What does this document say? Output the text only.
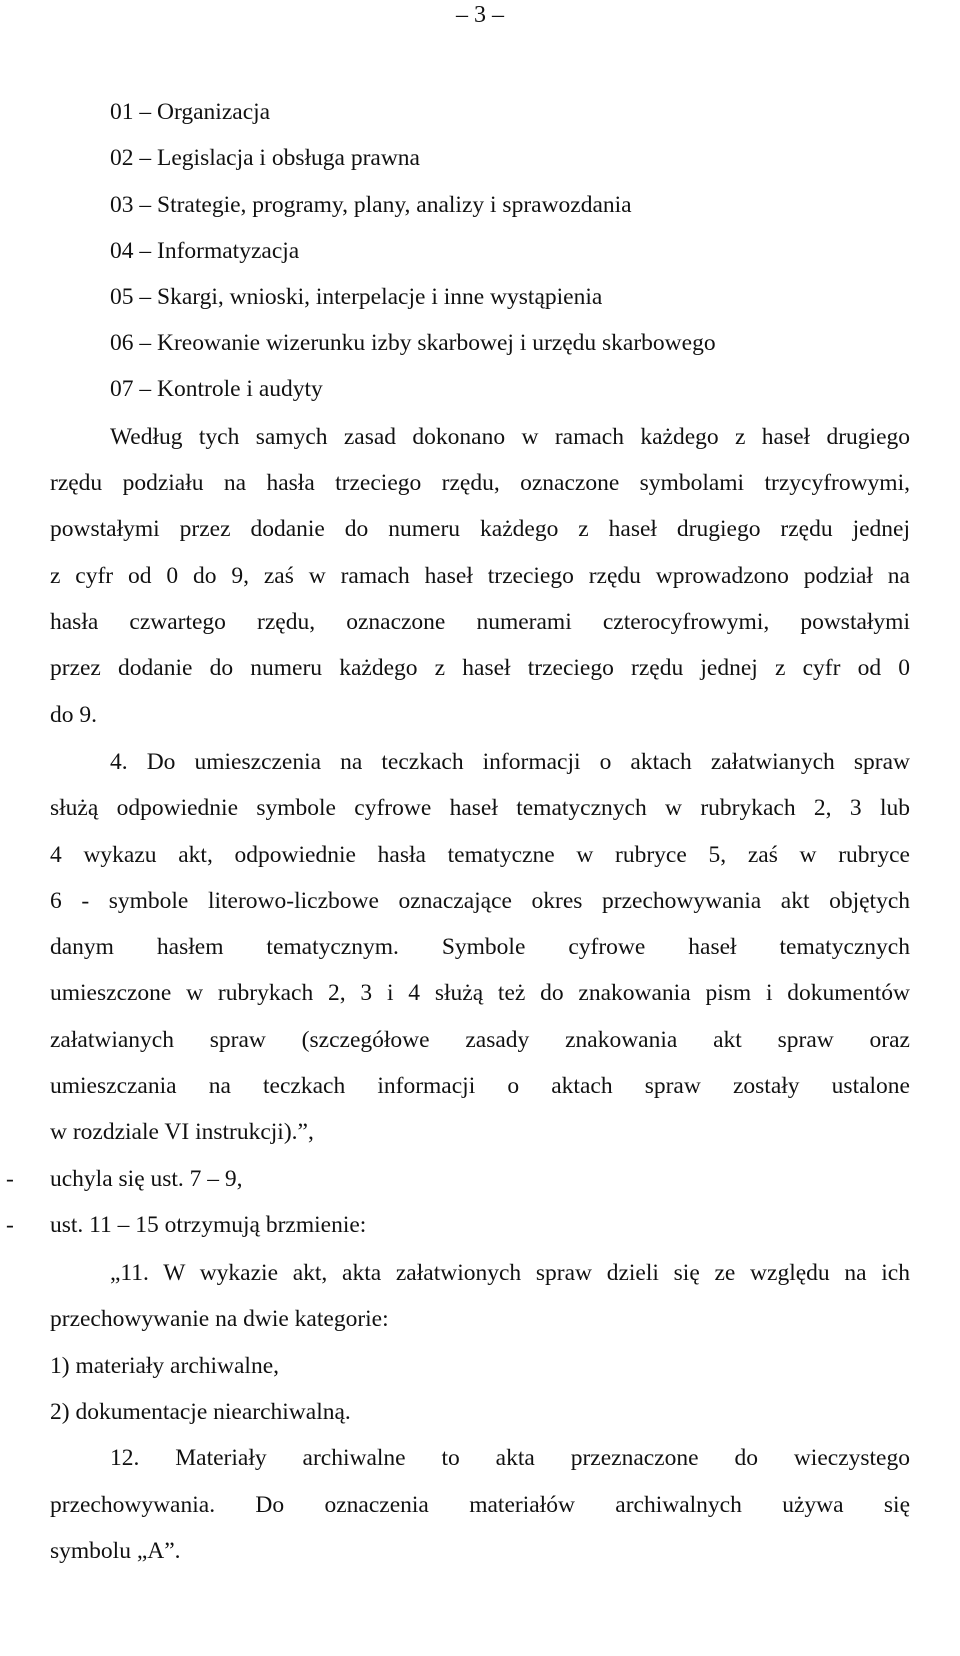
– 3 –
01 – Organizacja
02 – Legislacja i obsługa prawna
03 – Strategie, programy, plany, analizy i sprawozdania
04 – Informatyzacja
05 – Skargi, wnioski, interpelacje i inne wystąpienia
06 – Kreowanie wizerunku izby skarbowej i urzędu skarbowego
07 – Kontrole i audyty
Według tych samych zasad dokonano w ramach każdego z haseł drugiego
rzędu podziału na hasła trzeciego rzędu, oznaczone symbolami trzycyfrowymi,
powstałymi przez dodanie do numeru każdego z haseł drugiego rzędu jednej
z cyfr od 0 do 9, zaś w ramach haseł trzeciego rzędu wprowadzono podział na
hasła czwartego rzędu, oznaczone numerami czterocyfrowymi, powstałymi
przez dodanie do numeru każdego z haseł trzeciego rzędu jednej z cyfr od 0
do 9.
4. Do umieszczenia na teczkach informacji o aktach załatwianych spraw
służą odpowiednie symbole cyfrowe haseł tematycznych w rubrykach 2, 3 lub
4 wykazu akt, odpowiednie hasła tematyczne w rubryce 5, zaś w rubryce
6 - symbole literowo-liczbowe oznaczające okres przechowywania akt objętych
danym hasłem tematycznym. Symbole cyfrowe haseł tematycznych
umieszczone w rubrykach 2, 3 i 4 służą też do znakowania pism i dokumentów
załatwianych spraw (szczegółowe zasady znakowania akt spraw oraz
umieszczania na teczkach informacji o aktach spraw zostały ustalone
w rozdziale VI instrukcji).”,
-	uchyla się ust. 7 – 9,
-	ust. 11 – 15 otrzymują brzmienie:
„11. W wykazie akt, akta załatwionych spraw dzieli się ze względu na ich
przechowywanie na dwie kategorie:
1) materiały archiwalne,
2) dokumentacje niearchiwalną.
12. Materiały archiwalne to akta przeznaczone do wieczystego
przechowywania. Do oznaczenia materiałów archiwalnych używa się
symbolu „A”.
